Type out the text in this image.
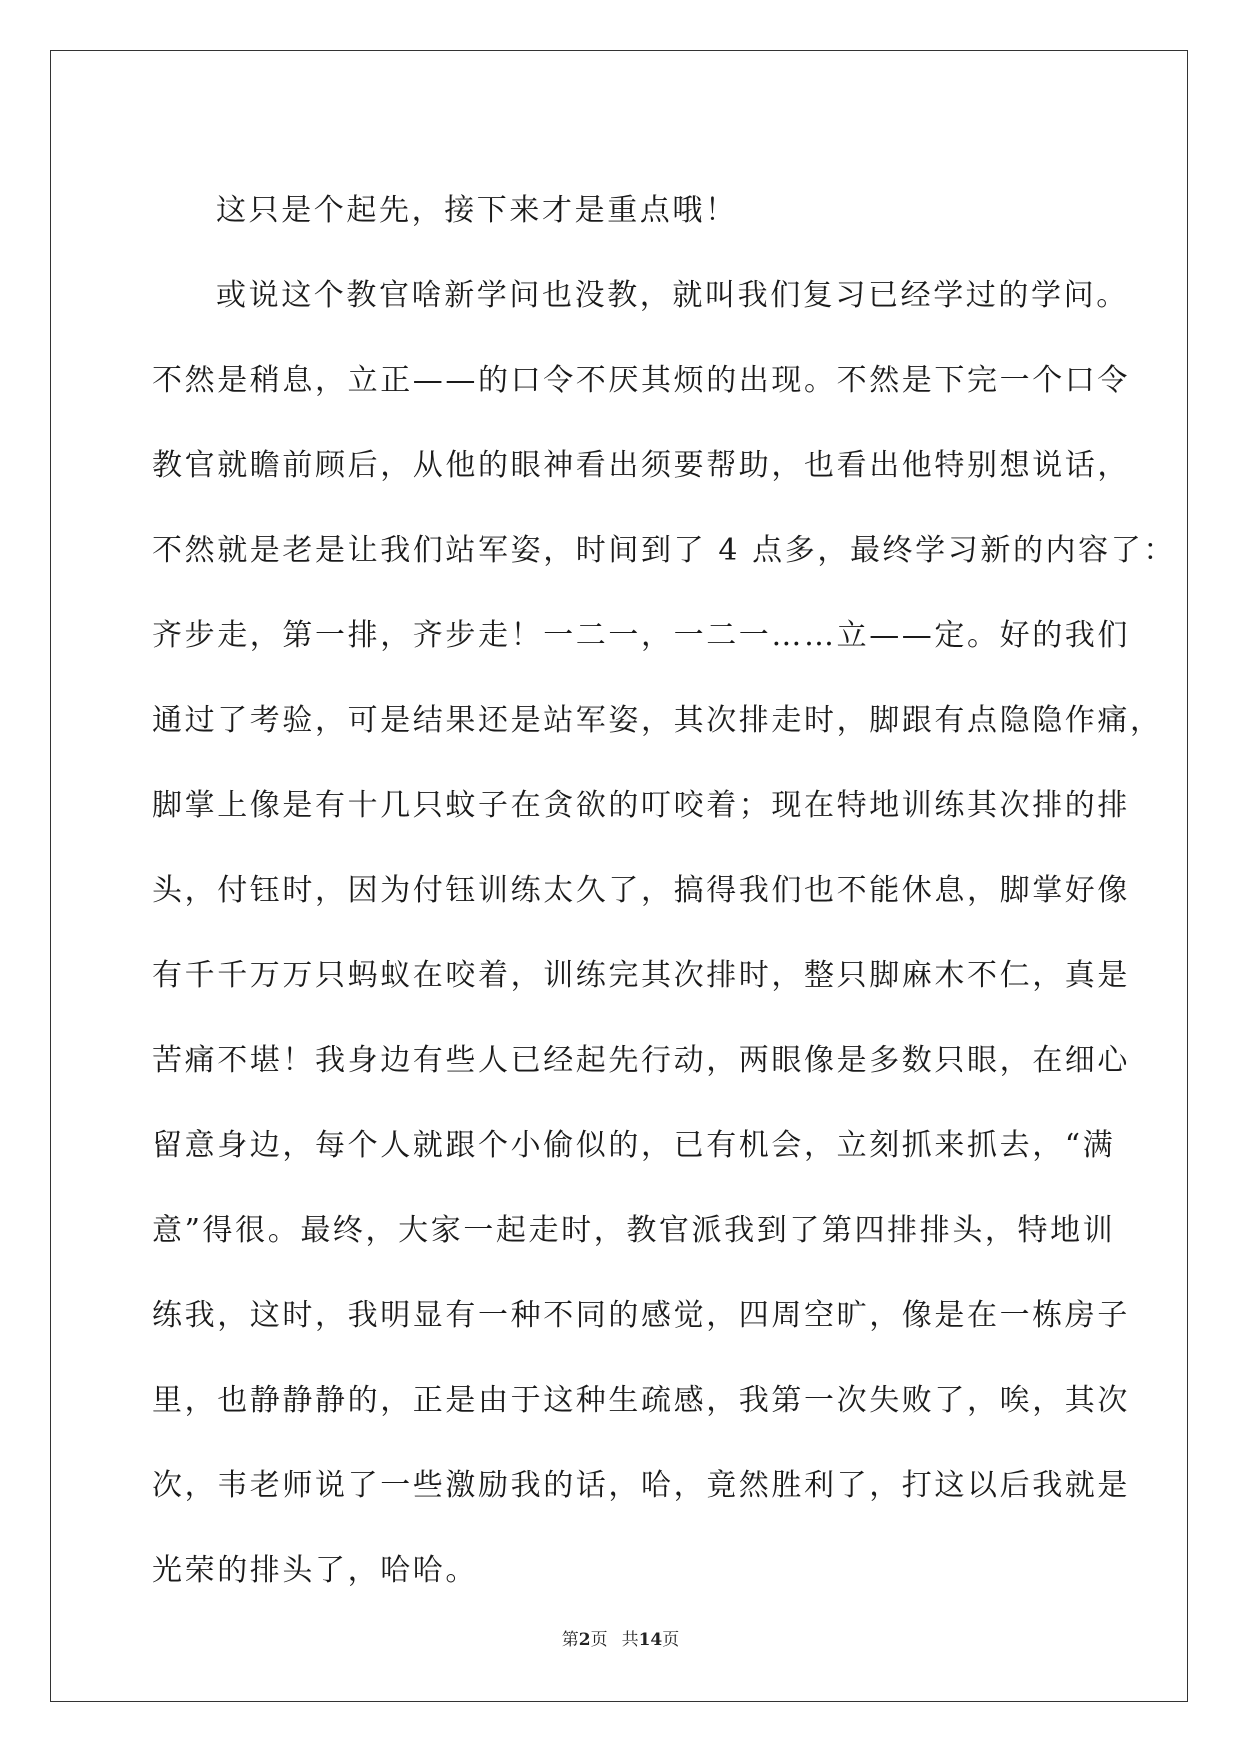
这只是个起先，接下来才是重点哦！
或说这个教官啥新学问也没教，就叫我们复习已经学过的学问。
不然是稍息，立正——的口令不厌其烦的出现。不然是下完一个口令
教官就瞻前顾后，从他的眼神看出须要帮助，也看出他特别想说话，
不然就是老是让我们站军姿，时间到了 4 点多，最终学习新的内容了：
齐步走，第一排，齐步走！一二一，一二一……立——定。好的我们
通过了考验，可是结果还是站军姿，其次排走时，脚跟有点隐隐作痛，
脚掌上像是有十几只蚊子在贪欲的叮咬着；现在特地训练其次排的排
头，付钰时，因为付钰训练太久了，搞得我们也不能休息，脚掌好像
有千千万万只蚂蚁在咬着，训练完其次排时，整只脚麻木不仁，真是
苦痛不堪！我身边有些人已经起先行动，两眼像是多数只眼，在细心
留意身边，每个人就跟个小偷似的，已有机会，立刻抓来抓去，“满
意”得很。最终，大家一起走时，教官派我到了第四排排头，特地训
练我，这时，我明显有一种不同的感觉，四周空旷，像是在一栋房子
里，也静静静的，正是由于这种生疏感，我第一次失败了，唉，其次
次，韦老师说了一些激励我的话，哈，竟然胜利了，打这以后我就是
光荣的排头了，哈哈。
第2页 共14页
